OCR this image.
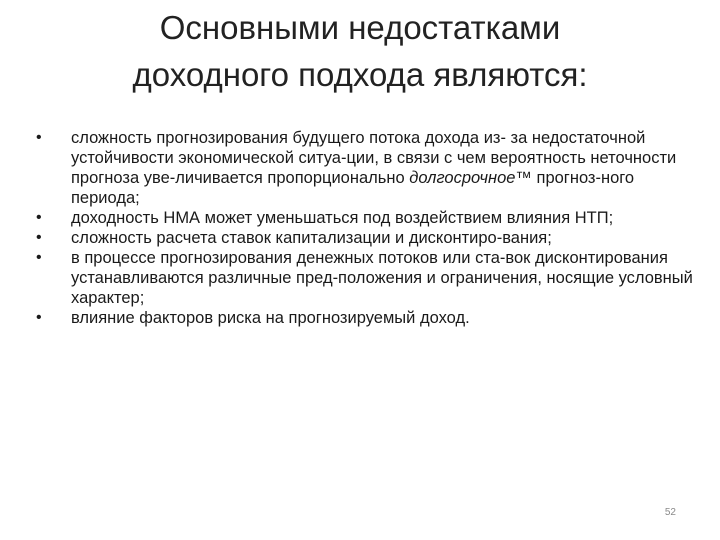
Основными недостатками
доходного подхода являются:
• сложность прогнозирования будущего потока дохода из- за недостаточной устойчивости экономической ситуа-ции, в связи с чем вероятность неточности прогноза уве-личивается пропорционально долгосрочное™ прогноз-ного периода;
• доходность НМА может уменьшаться под воздействием влияния НТП;
• сложность расчета ставок капитализации и дисконтиро-вания;
• в процессе прогнозирования денежных потоков или ста-вок дисконтирования устанавливаются различные пред-положения и ограничения, носящие условный характер;
• влияние факторов риска на прогнозируемый доход.
52
